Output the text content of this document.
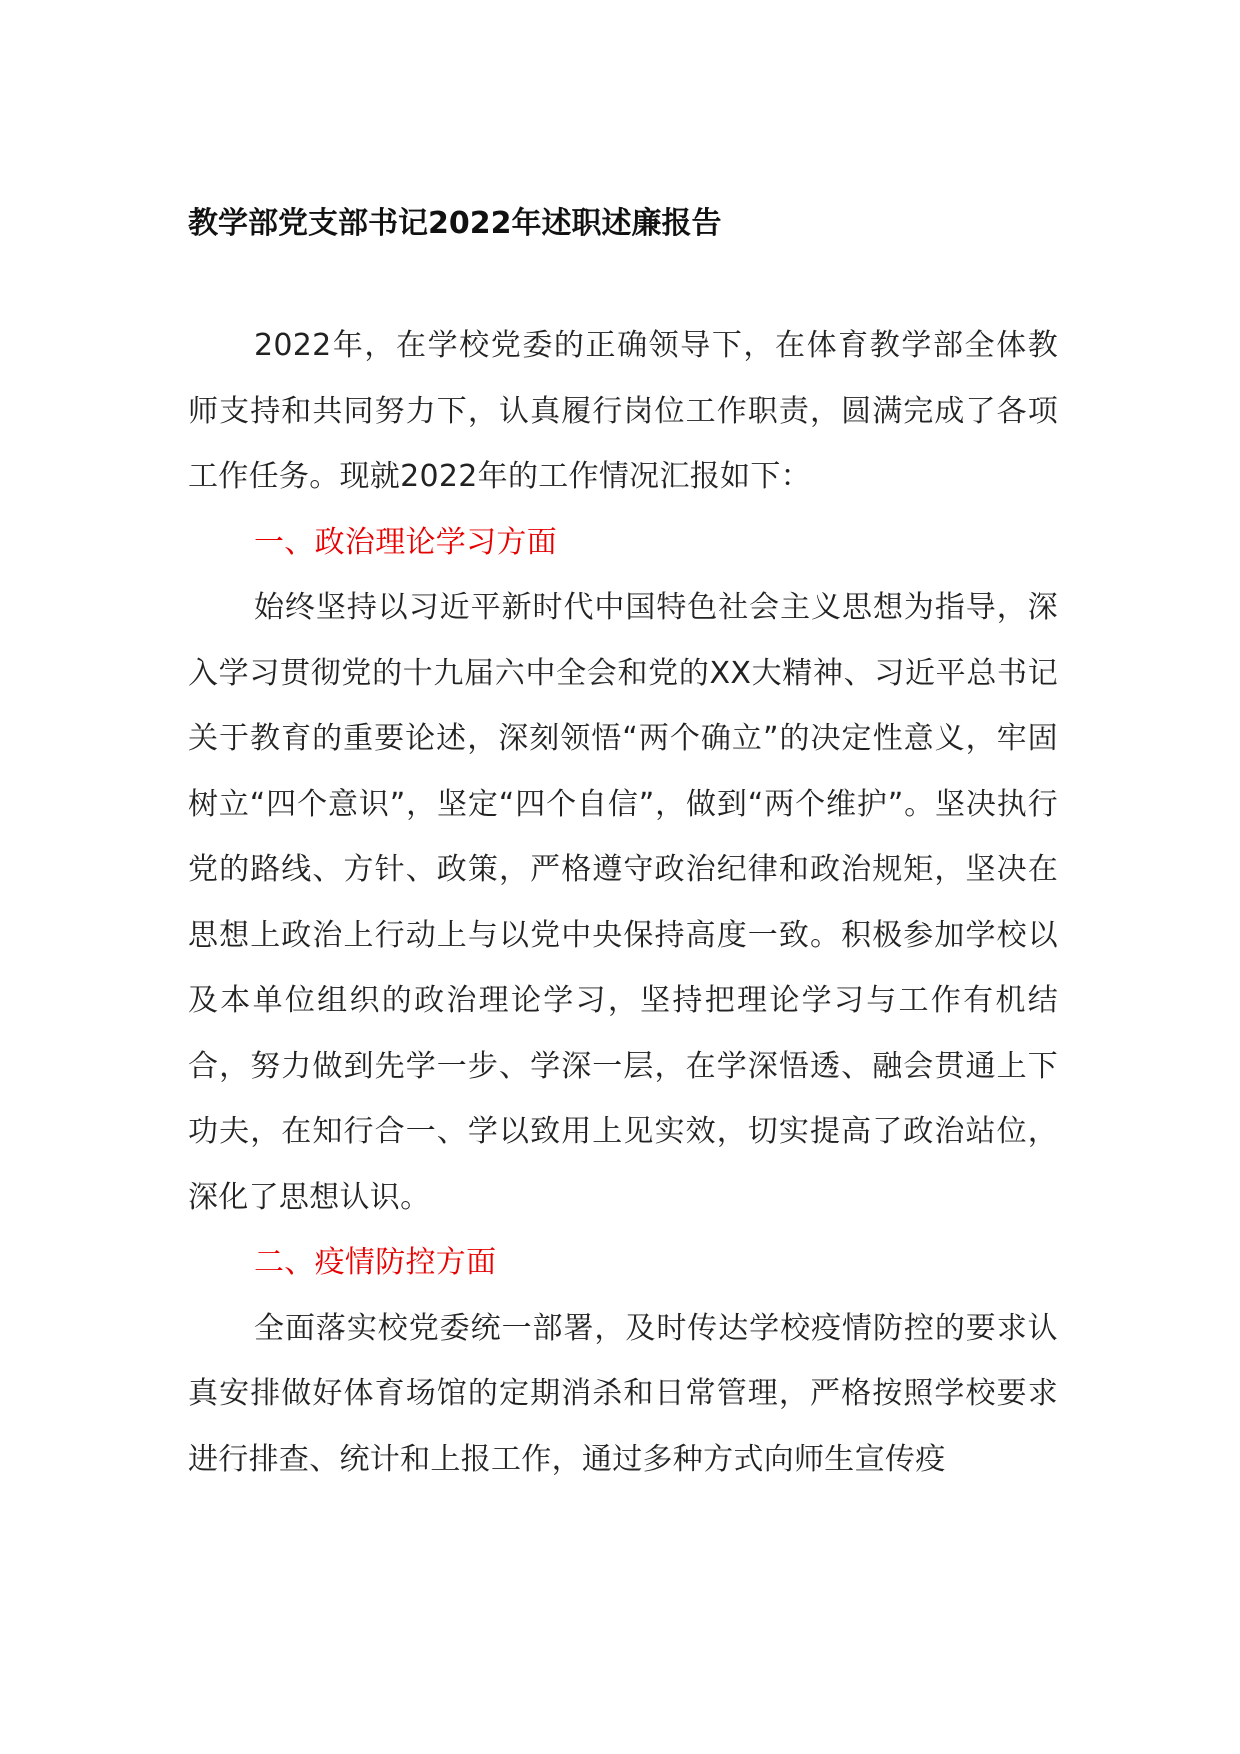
教学部党支部书记2022年述职述廉报告

2022年，在学校党委的正确领导下，在体育教学部全体教师支持和共同努力下，认真履行岗位工作职责，圆满完成了各项工作任务。现就2022年的工作情况汇报如下：

一、政治理论学习方面

始终坚持以习近平新时代中国特色社会主义思想为指导，深入学习贯彻党的十九届六中全会和党的XX大精神、习近平总书记关于教育的重要论述，深刻领悟“两个确立”的决定性意义，牢固树立“四个意识”，坚定“四个自信”，做到“两个维护”。坚决执行党的路线、方针、政策，严格遵守政治纪律和政治规矩，坚决在思想上政治上行动上与以党中央保持高度一致。积极参加学校以及本单位组织的政治理论学习，坚持把理论学习与工作有机结合，努力做到先学一步、学深一层，在学深悟透、融会贯通上下功夫，在知行合一、学以致用上见实效，切实提高了政治站位，深化了思想认识。

二、疫情防控方面

全面落实校党委统一部署，及时传达学校疫情防控的要求认真安排做好体育场馆的定期消杀和日常管理，严格按照学校要求进行排查、统计和上报工作，通过多种方式向师生宣传疫
